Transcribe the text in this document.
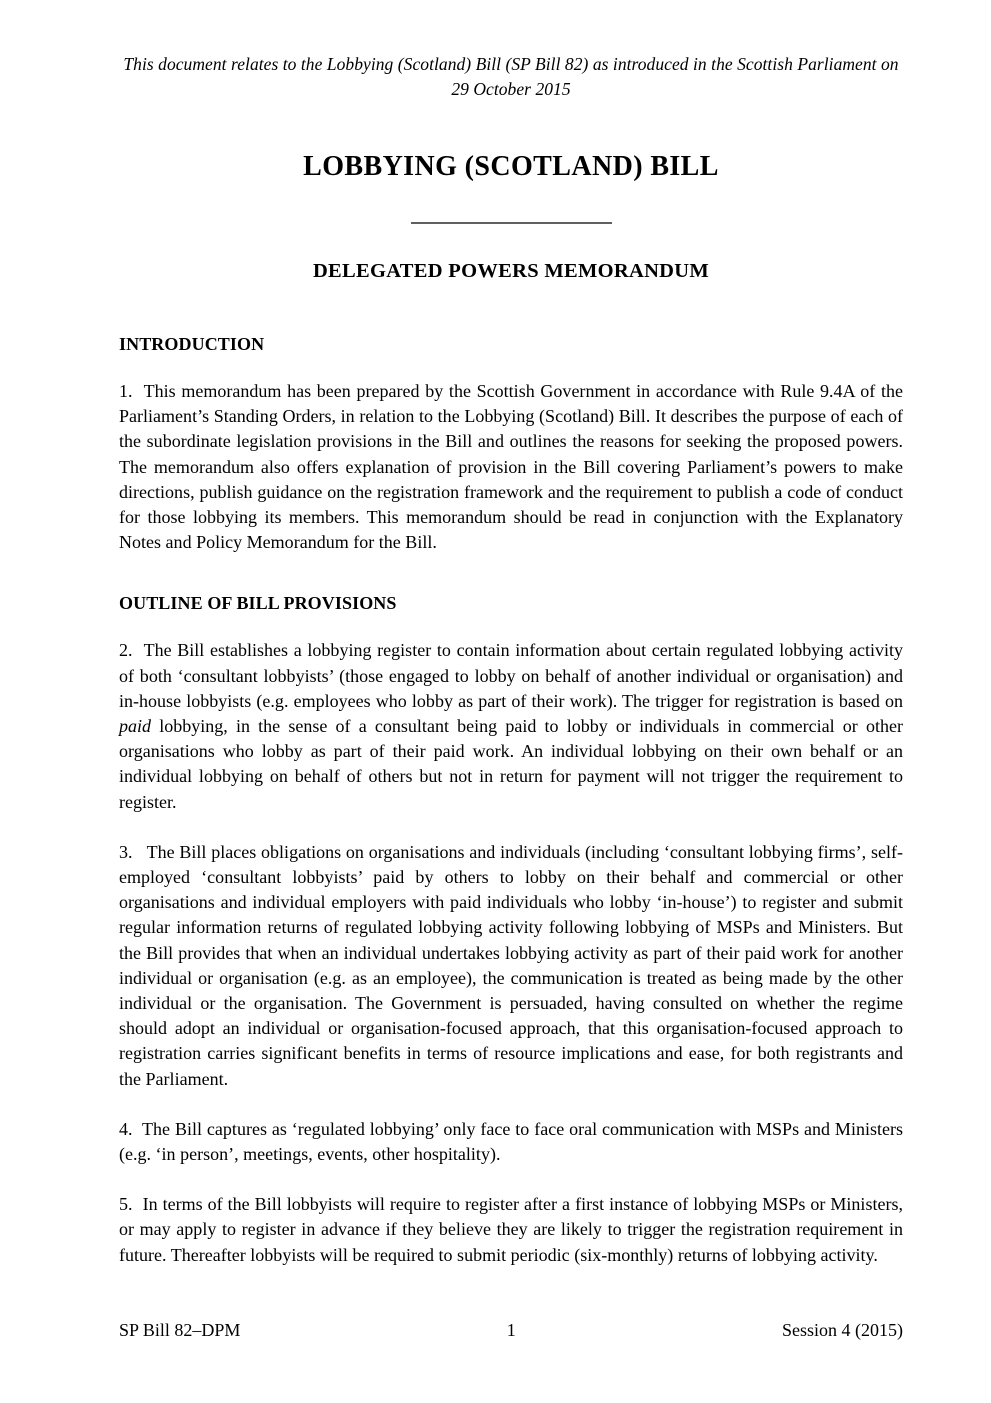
This document relates to the Lobbying (Scotland) Bill (SP Bill 82) as introduced in the Scottish Parliament on 29 October 2015
LOBBYING (SCOTLAND) BILL
DELEGATED POWERS MEMORANDUM
INTRODUCTION

1. This memorandum has been prepared by the Scottish Government in accordance with Rule 9.4A of the Parliament’s Standing Orders, in relation to the Lobbying (Scotland) Bill. It describes the purpose of each of the subordinate legislation provisions in the Bill and outlines the reasons for seeking the proposed powers. The memorandum also offers explanation of provision in the Bill covering Parliament’s powers to make directions, publish guidance on the registration framework and the requirement to publish a code of conduct for those lobbying its members. This memorandum should be read in conjunction with the Explanatory Notes and Policy Memorandum for the Bill.

OUTLINE OF BILL PROVISIONS

2. The Bill establishes a lobbying register to contain information about certain regulated lobbying activity of both ‘consultant lobbyists’ (those engaged to lobby on behalf of another individual or organisation) and in-house lobbyists (e.g. employees who lobby as part of their work). The trigger for registration is based on paid lobbying, in the sense of a consultant being paid to lobby or individuals in commercial or other organisations who lobby as part of their paid work. An individual lobbying on their own behalf or an individual lobbying on behalf of others but not in return for payment will not trigger the requirement to register.

3. The Bill places obligations on organisations and individuals (including ‘consultant lobbying firms’, self-employed ‘consultant lobbyists’ paid by others to lobby on their behalf and commercial or other organisations and individual employers with paid individuals who lobby ‘in-house’) to register and submit regular information returns of regulated lobbying activity following lobbying of MSPs and Ministers. But the Bill provides that when an individual undertakes lobbying activity as part of their paid work for another individual or organisation (e.g. as an employee), the communication is treated as being made by the other individual or the organisation. The Government is persuaded, having consulted on whether the regime should adopt an individual or organisation-focused approach, that this organisation-focused approach to registration carries significant benefits in terms of resource implications and ease, for both registrants and the Parliament.

4. The Bill captures as ‘regulated lobbying’ only face to face oral communication with MSPs and Ministers (e.g. ‘in person’, meetings, events, other hospitality).

5. In terms of the Bill lobbyists will require to register after a first instance of lobbying MSPs or Ministers, or may apply to register in advance if they believe they are likely to trigger the registration requirement in future. Thereafter lobbyists will be required to submit periodic (six-monthly) returns of lobbying activity.

SP Bill 82–DPM	1	Session 4 (2015)
